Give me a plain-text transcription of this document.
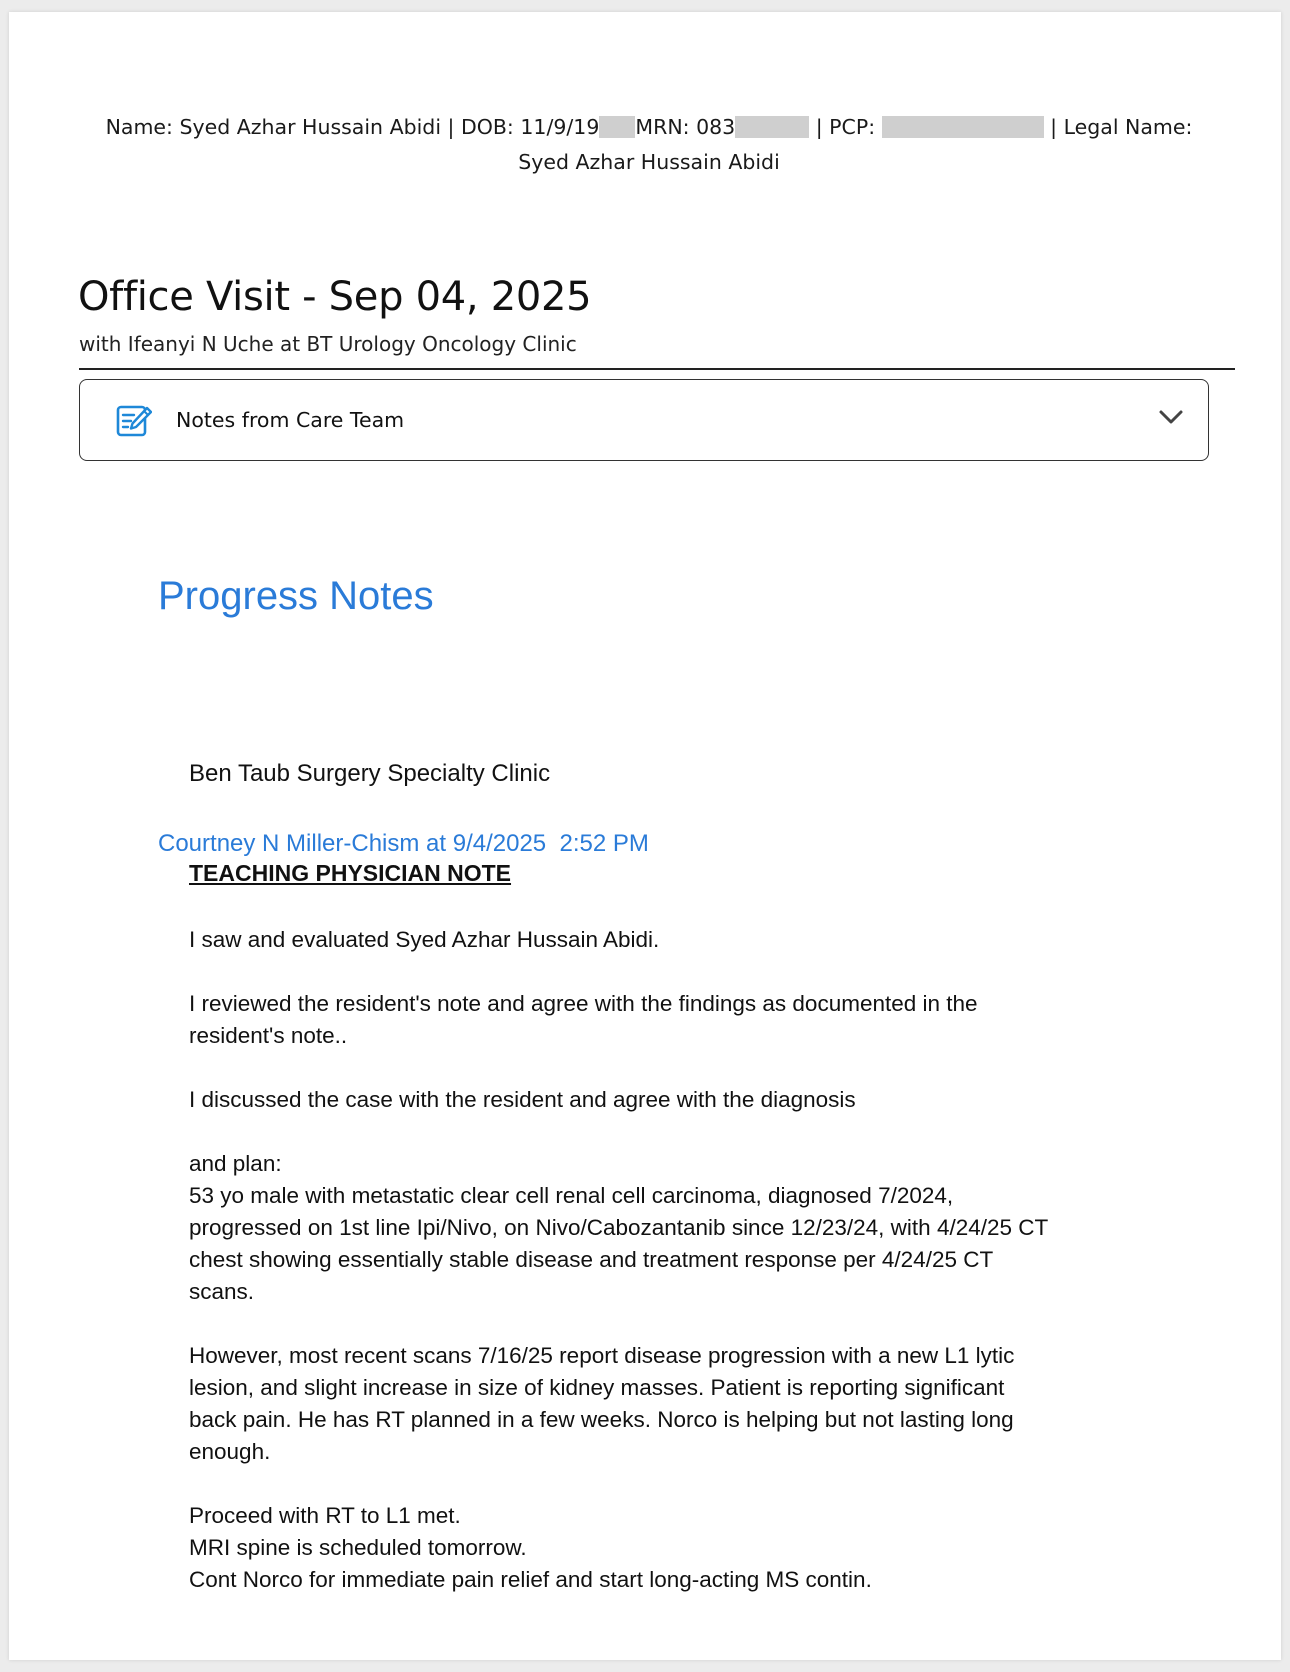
Name: Syed Azhar Hussain Abidi | DOB: 11/9/19 MRN: 083	| PCP:	| Legal Name:
Syed Azhar Hussain Abidi
Office Visit - Sep 04, 2025
with Ifeanyi N Uche at BT Urology Oncology Clinic
Notes from Care Team
Progress Notes
Ben Taub Surgery Specialty Clinic
Courtney N Miller-Chism at 9/4/2025  2:52 PM
TEACHING PHYSICIAN NOTE

I saw and evaluated Syed Azhar Hussain Abidi.

I reviewed the resident's note and agree with the findings as documented in the
resident's note..

I discussed the case with the resident and agree with the diagnosis

and plan:
53 yo male with metastatic clear cell renal cell carcinoma, diagnosed 7/2024,
progressed on 1st line Ipi/Nivo, on Nivo/Cabozantanib since 12/23/24, with 4/24/25 CT
chest showing essentially stable disease and treatment response per 4/24/25 CT
scans.

However, most recent scans 7/16/25 report disease progression with a new L1 lytic
lesion, and slight increase in size of kidney masses. Patient is reporting significant
back pain. He has RT planned in a few weeks. Norco is helping but not lasting long
enough.

Proceed with RT to L1 met.
MRI spine is scheduled tomorrow.
Cont Norco for immediate pain relief and start long-acting MS contin.
